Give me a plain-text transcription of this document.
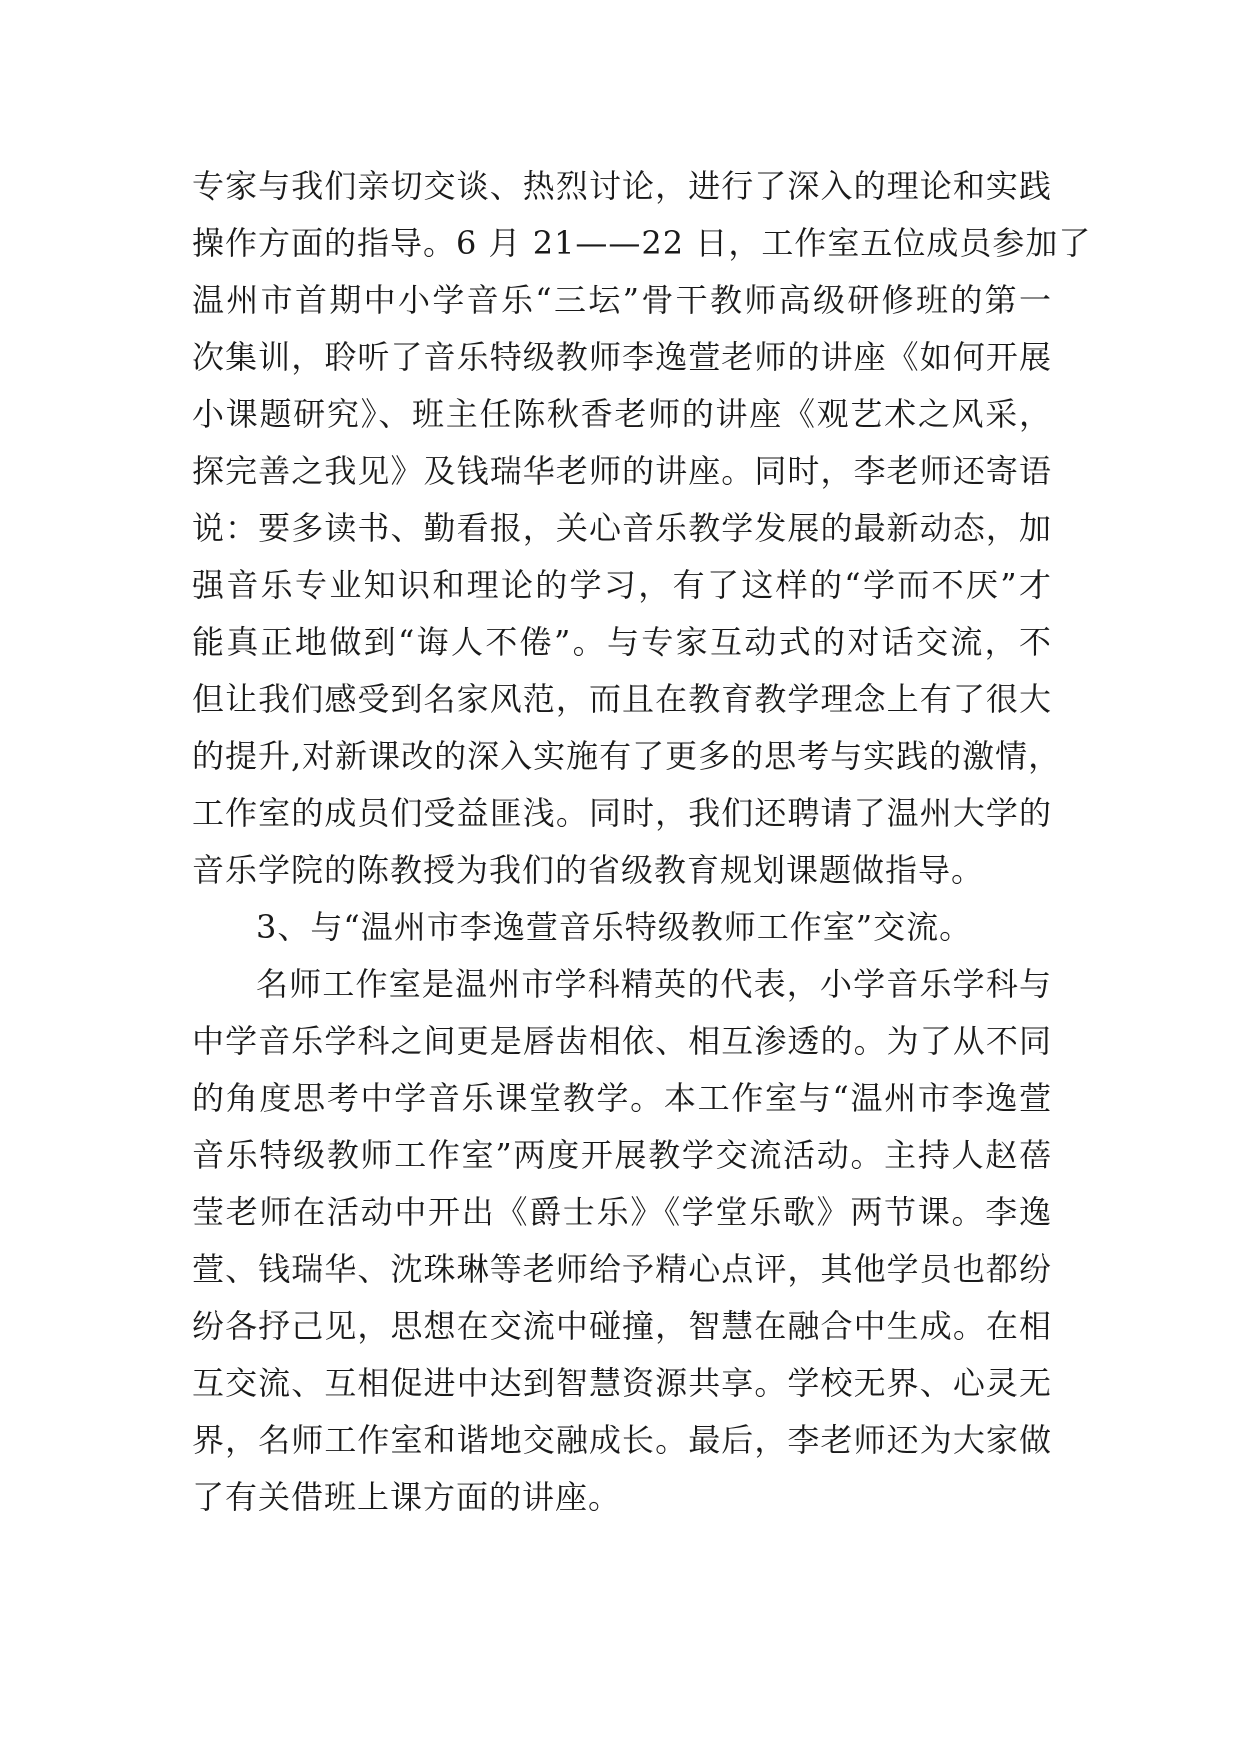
专家与我们亲切交谈、热烈讨论，进行了深入的理论和实践
操作方面的指导。6 月 21——22 日，工作室五位成员参加了
温州市首期中小学音乐“三坛”骨干教师高级研修班的第一
次集训，聆听了音乐特级教师李逸萱老师的讲座《如何开展
小课题研究》、班主任陈秋香老师的讲座《观艺术之风采，
探完善之我见》及钱瑞华老师的讲座。同时，李老师还寄语
说：要多读书、勤看报，关心音乐教学发展的最新动态，加
强音乐专业知识和理论的学习，有了这样的“学而不厌”才
能真正地做到“诲人不倦”。与专家互动式的对话交流，不
但让我们感受到名家风范，而且在教育教学理念上有了很大
的提升,对新课改的深入实施有了更多的思考与实践的激情，
工作室的成员们受益匪浅。同时，我们还聘请了温州大学的
音乐学院的陈教授为我们的省级教育规划课题做指导。
3、与“温州市李逸萱音乐特级教师工作室”交流。
名师工作室是温州市学科精英的代表，小学音乐学科与
中学音乐学科之间更是唇齿相依、相互渗透的。为了从不同
的角度思考中学音乐课堂教学。本工作室与“温州市李逸萱
音乐特级教师工作室”两度开展教学交流活动。主持人赵蓓
莹老师在活动中开出《爵士乐》《学堂乐歌》两节课。李逸
萱、钱瑞华、沈珠琳等老师给予精心点评，其他学员也都纷
纷各抒己见，思想在交流中碰撞，智慧在融合中生成。在相
互交流、互相促进中达到智慧资源共享。学校无界、心灵无
界，名师工作室和谐地交融成长。最后，李老师还为大家做
了有关借班上课方面的讲座。
